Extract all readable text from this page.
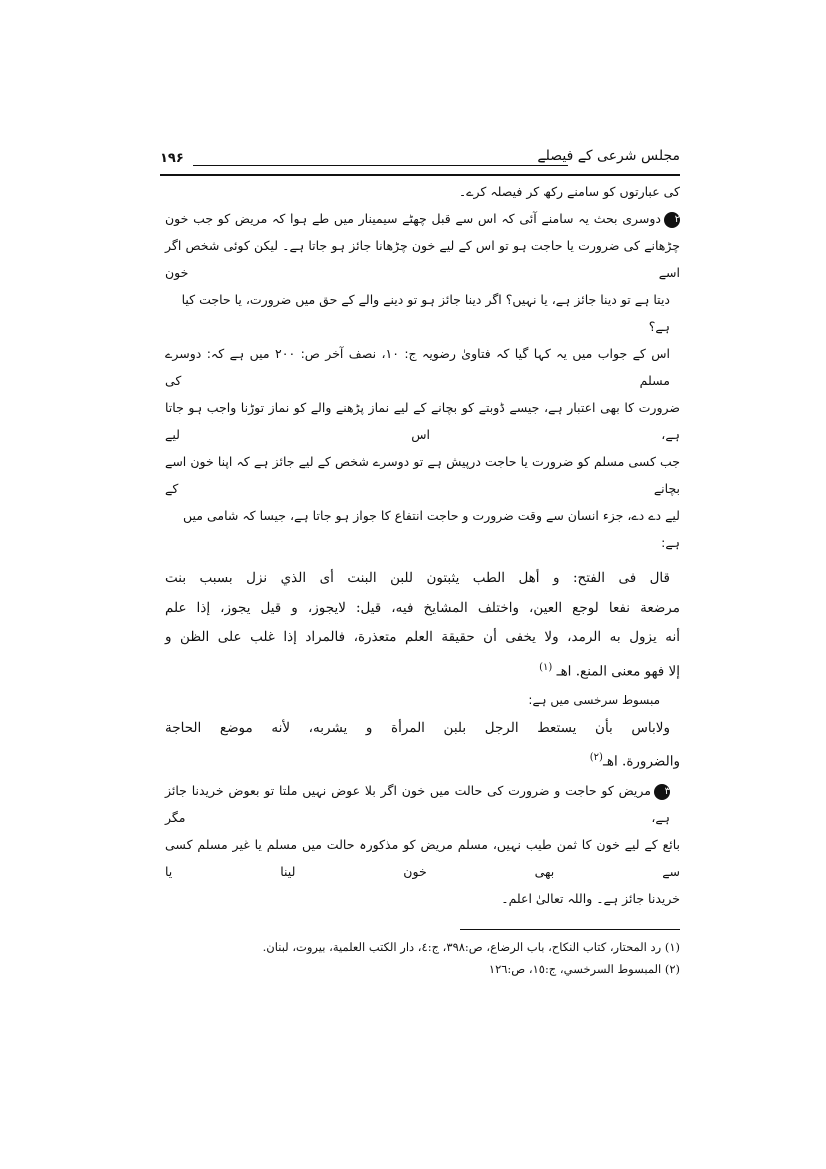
مجلس شرعی کے فیصلے
۱۹۶
کی عبارتوں کو سامنے رکھ کر فیصلہ کرے۔
۲دوسری بحث یہ سامنے آئی کہ اس سے قبل چھٹے سیمینار میں طے ہوا کہ مریض کو جب خون
چڑھانے کی ضرورت یا حاجت ہو تو اس کے لیے خون چڑھانا جائز ہو جاتا ہے۔ لیکن کوئی شخص اگر اسے خون
دیتا ہے تو دینا جائز ہے، یا نہیں؟ اگر دینا جائز ہو تو دینے والے کے حق میں ضرورت، یا حاجت کیا ہے؟
اس کے جواب میں یہ کہا گیا کہ فتاویٰ رضویہ ج: ۱۰، نصف آخر ص: ۲۰۰ میں ہے کہ: دوسرے مسلم کی
ضرورت کا بھی اعتبار ہے، جیسے ڈوبتے کو بچانے کے لیے نماز پڑھنے والے کو نماز توڑنا واجب ہو جاتا ہے، اس لیے
جب کسی مسلم کو ضرورت یا حاجت درپیش ہے تو دوسرے شخص کے لیے جائز ہے کہ اپنا خون اسے بچانے کے
لیے دے دے، جزء انسان سے وقت ضرورت و حاجت انتفاع کا جواز ہو جاتا ہے، جیسا کہ شامی میں ہے:
قال فی الفتح: و أهل الطب يثبتون للبن البنت أی الذي نزل بسبب بنت
مرضعة نفعا لوجع العين، واختلف المشايخ فيه، قيل: لايجوز، و قيل يجوز، إذا علم
أنه يزول به الرمد، ولا يخفى أن حقيقة العلم متعذرة، فالمراد إذا غلب على الظن و
إلا فهو معنى المنع. اهـ $^{(۱)}$
مبسوط سرخسی میں ہے:
ولاباس بأن يستعط الرجل بلبن المرأة و يشربه، لأنه موضع الحاجة
والضرورة. اهـ$^{(۲)}$
۳مریض کو حاجت و ضرورت کی حالت میں خون اگر بلا عوض نہیں ملتا تو بعوض خریدنا جائز ہے، مگر
بائع کے لیے خون کا ثمن طیب نہیں، مسلم مریض کو مذکورہ حالت میں مسلم یا غیر مسلم کسی سے بھی خون لینا یا
خریدنا جائز ہے۔ واللہ تعالیٰ اعلم۔
(۱) رد المحتار، كتاب النكاح، باب الرضاع، ص:٣٩٨، ج:٤، دار الكتب العلمية، بيروت، لبنان.
(۲) المبسوط السرخسي، ج:١٥، ص:١٢٦
